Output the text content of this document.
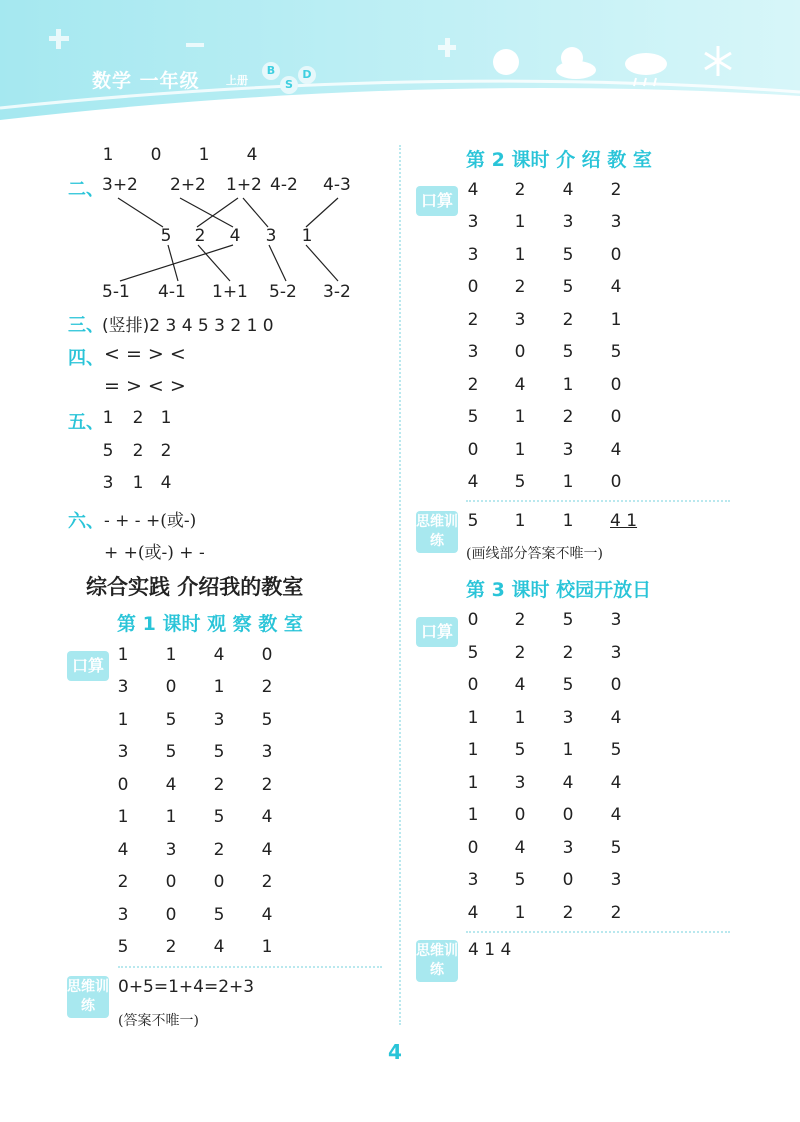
数学 一年级 上册
B
S
D
1 0 1 4
二、
3+2 2+2 1+2 4-2 4-3
5 2 4 3 1
5-1 4-1 1+1 5-2 3-2
三、
(竖排)2 3 4 5 3 2 1 0
四、 < = > <
= > < >
五、
1 2 1
5 2 2
3 1 4
六、 - + - +(或-)
+ +(或-) + -
综合实践 介绍我的教室
第 1 课时 观 察 教 室
口算
1 1 4 0
3 0 1 2
1 5 3 5
3 5 5 3
0 4 2 2
1 1 5 4
4 3 2 4
2 0 0 2
3 0 5 4
5 2 4 1
思维训练
0+5=1+4=2+3
(答案不唯一)
第 2 课时 介 绍 教 室
口算
4 2 4 2
3 1 3 3
3 1 5 0
0 2 5 4
2 3 2 1
3 0 5 5
2 4 1 0
5 1 2 0
0 1 3 4
4 5 1 0
思维训练
5 1 1 4 1
(画线部分答案不唯一)
第 3 课时 校园开放日
口算
0 2 5 3
5 2 2 3
0 4 5 0
1 1 3 4
1 5 1 5
1 3 4 4
1 0 0 4
0 4 3 5
3 5 0 3
4 1 2 2
思维训练
4 1 4
4
